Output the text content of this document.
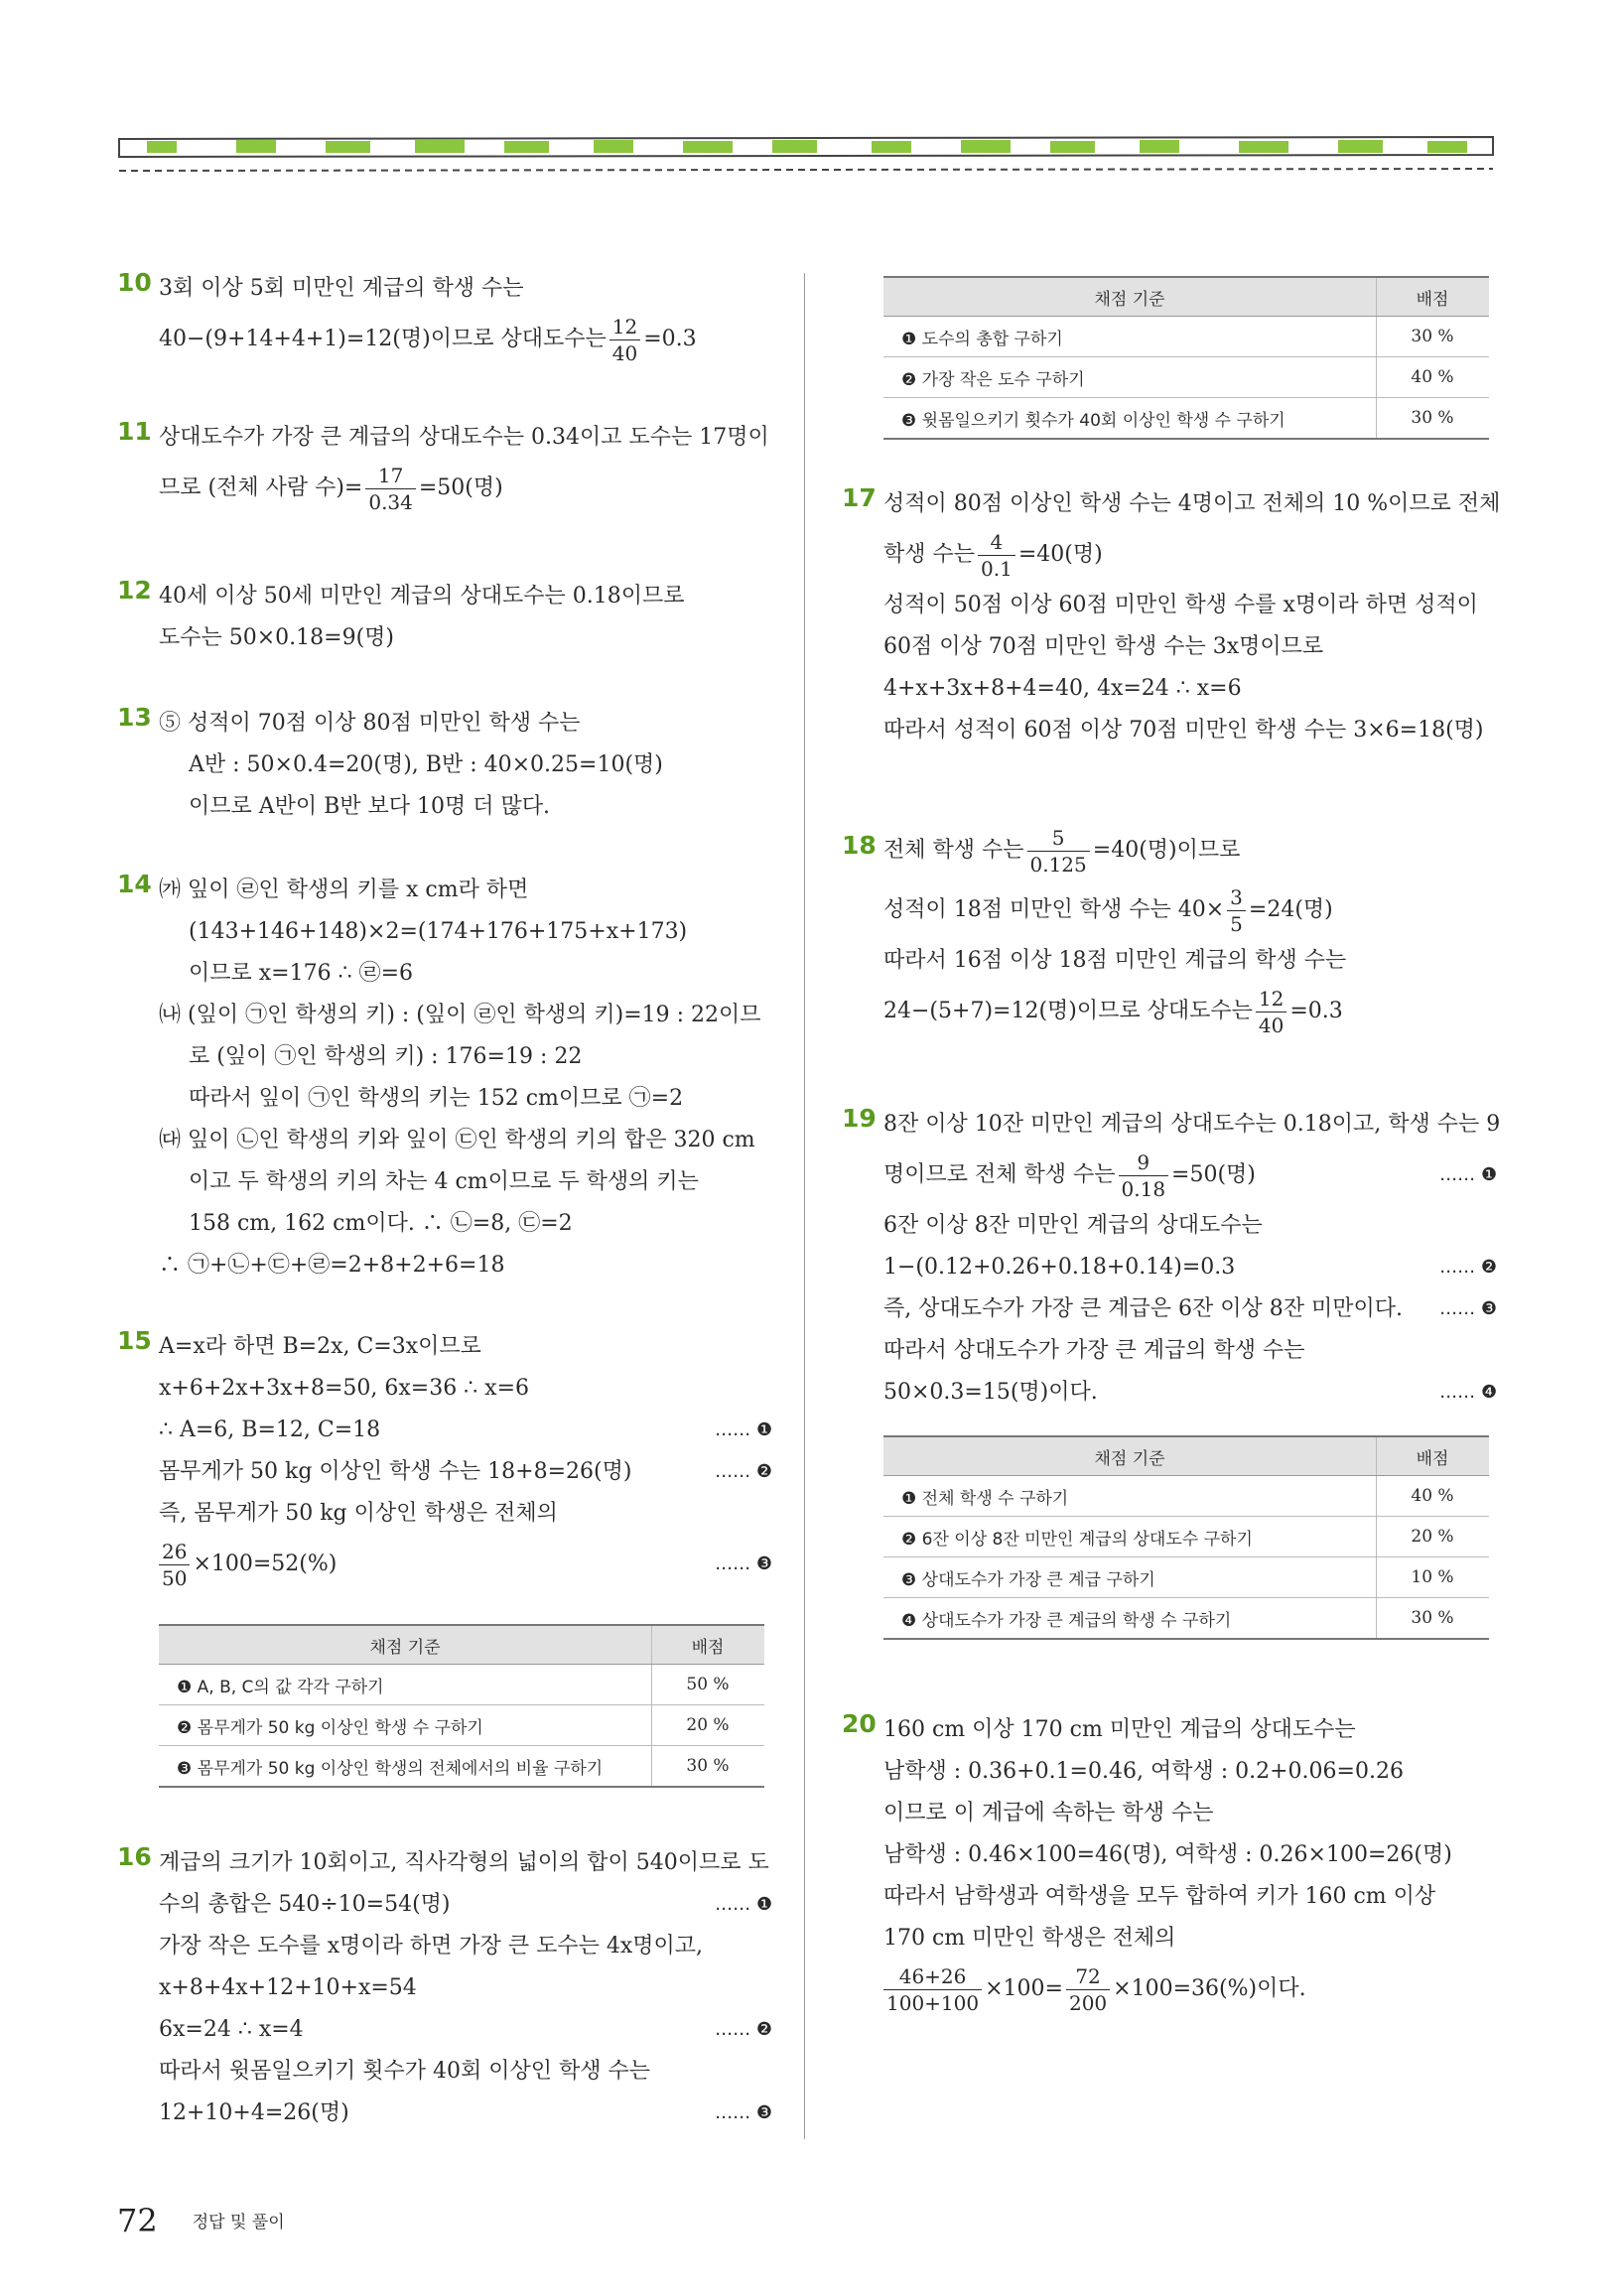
10 3회 이상 5회 미만인 계급의 학생 수는
40−(9+14+4+1)=12(명)이므로 상대도수는 $\frac{12}{40} =0.3$
11 상대도수가 가장 큰 계급의 상대도수는 0.34이고 도수는 17명이
므로 (전체 사람 수)= $\frac{17}{0.34} =50$(명)
12 40세 이상 50세 미만인 계급의 상대도수는 0.18이므로
도수는 50×0.18=9(명)
13 ⑤ 성적이 70점 이상 80점 미만인 학생 수는
A반 : 50×0.4=20(명), B반 : 40×0.25=10(명)
이므로 A반이 B반 보다 10명 더 많다.
14 ㈎ 잎이 ㉣인 학생의 키를 x cm라 하면
(143+146+148)×2=(174+176+175+x+173)
이므로 x=176 ∴ ㉣=6
㈏ (잎이 ㉠인 학생의 키) : (잎이 ㉣인 학생의 키)=19 : 22이므
로 (잎이 ㉠인 학생의 키) : 176=19 : 22
따라서 잎이 ㉠인 학생의 키는 152 cm이므로 ㉠=2
㈐ 잎이 ㉡인 학생의 키와 잎이 ㉢인 학생의 키의 합은 320 cm
이고 두 학생의 키의 차는 4 cm이므로 두 학생의 키는
158 cm, 162 cm이다. ∴ ㉡=8, ㉢=2
∴ ㉠+㉡+㉢+㉣=2+8+2+6=18
15 A=x라 하면 B=2x, C=3x이므로
x+6+2x+3x+8=50, 6x=36 ∴ x=6
∴ A=6, B=12, C=18	…… ❶
몸무게가 50 kg 이상인 학생 수는 18+8=26(명)	…… ❷
즉, 몸무게가 50 kg 이상인 학생은 전체의
$\frac{26}{50} \times 100=52(\%)$	…… ❸
채점 기준	배점
❶ A, B, C의 값 각각 구하기	50 %
❷ 몸무게가 50 kg 이상인 학생 수 구하기	20 %
❸ 몸무게가 50 kg 이상인 학생의 전체에서의 비율 구하기	30 %
16 계급의 크기가 10회이고, 직사각형의 넓이의 합이 540이므로 도
수의 총합은 540÷10=54(명)	…… ❶
가장 작은 도수를 x명이라 하면 가장 큰 도수는 4x명이고,
x+8+4x+12+10+x=54
6x=24 ∴ x=4	…… ❷
따라서 윗몸일으키기 횟수가 40회 이상인 학생 수는
12+10+4=26(명)	…… ❸
채점 기준	배점
❶ 도수의 총합 구하기	30 %
❷ 가장 작은 도수 구하기	40 %
❸ 윗몸일으키기 횟수가 40회 이상인 학생 수 구하기	30 %
17 성적이 80점 이상인 학생 수는 4명이고 전체의 10 %이므로 전체
학생 수는 $\frac{4}{0.1} =40$(명)
성적이 50점 이상 60점 미만인 학생 수를 x명이라 하면 성적이
60점 이상 70점 미만인 학생 수는 3x명이므로
4+x+3x+8+4=40, 4x=24 ∴ x=6
따라서 성적이 60점 이상 70점 미만인 학생 수는 3×6=18(명)
18 전체 학생 수는 $\frac{5}{0.125} =40$(명)이므로
성적이 18점 미만인 학생 수는 $40\times \frac{3}{5} =24$(명)
따라서 16점 이상 18점 미만인 계급의 학생 수는
24−(5+7)=12(명)이므로 상대도수는 $\frac{12}{40} =0.3$
19 8잔 이상 10잔 미만인 계급의 상대도수는 0.18이고, 학생 수는 9
명이므로 전체 학생 수는 $\frac{9}{0.18} =50$(명)	…… ❶
6잔 이상 8잔 미만인 계급의 상대도수는
1−(0.12+0.26+0.18+0.14)=0.3	…… ❷
즉, 상대도수가 가장 큰 계급은 6잔 이상 8잔 미만이다. …… ❸
따라서 상대도수가 가장 큰 계급의 학생 수는
50×0.3=15(명)이다.	…… ❹
채점 기준	배점
❶ 전체 학생 수 구하기	40 %
❷ 6잔 이상 8잔 미만인 계급의 상대도수 구하기	20 %
❸ 상대도수가 가장 큰 계급 구하기	10 %
❹ 상대도수가 가장 큰 계급의 학생 수 구하기	30 %
20 160 cm 이상 170 cm 미만인 계급의 상대도수는
남학생 : 0.36+0.1=0.46, 여학생 : 0.2+0.06=0.26
이므로 이 계급에 속하는 학생 수는
남학생 : 0.46×100=46(명), 여학생 : 0.26×100=26(명)
따라서 남학생과 여학생을 모두 합하여 키가 160 cm 이상
170 cm 미만인 학생은 전체의
$\frac{46+26}{100+100} \times 100= \frac{72}{200} \times 100=36(\%)$이다.
72 정답 및 풀이
